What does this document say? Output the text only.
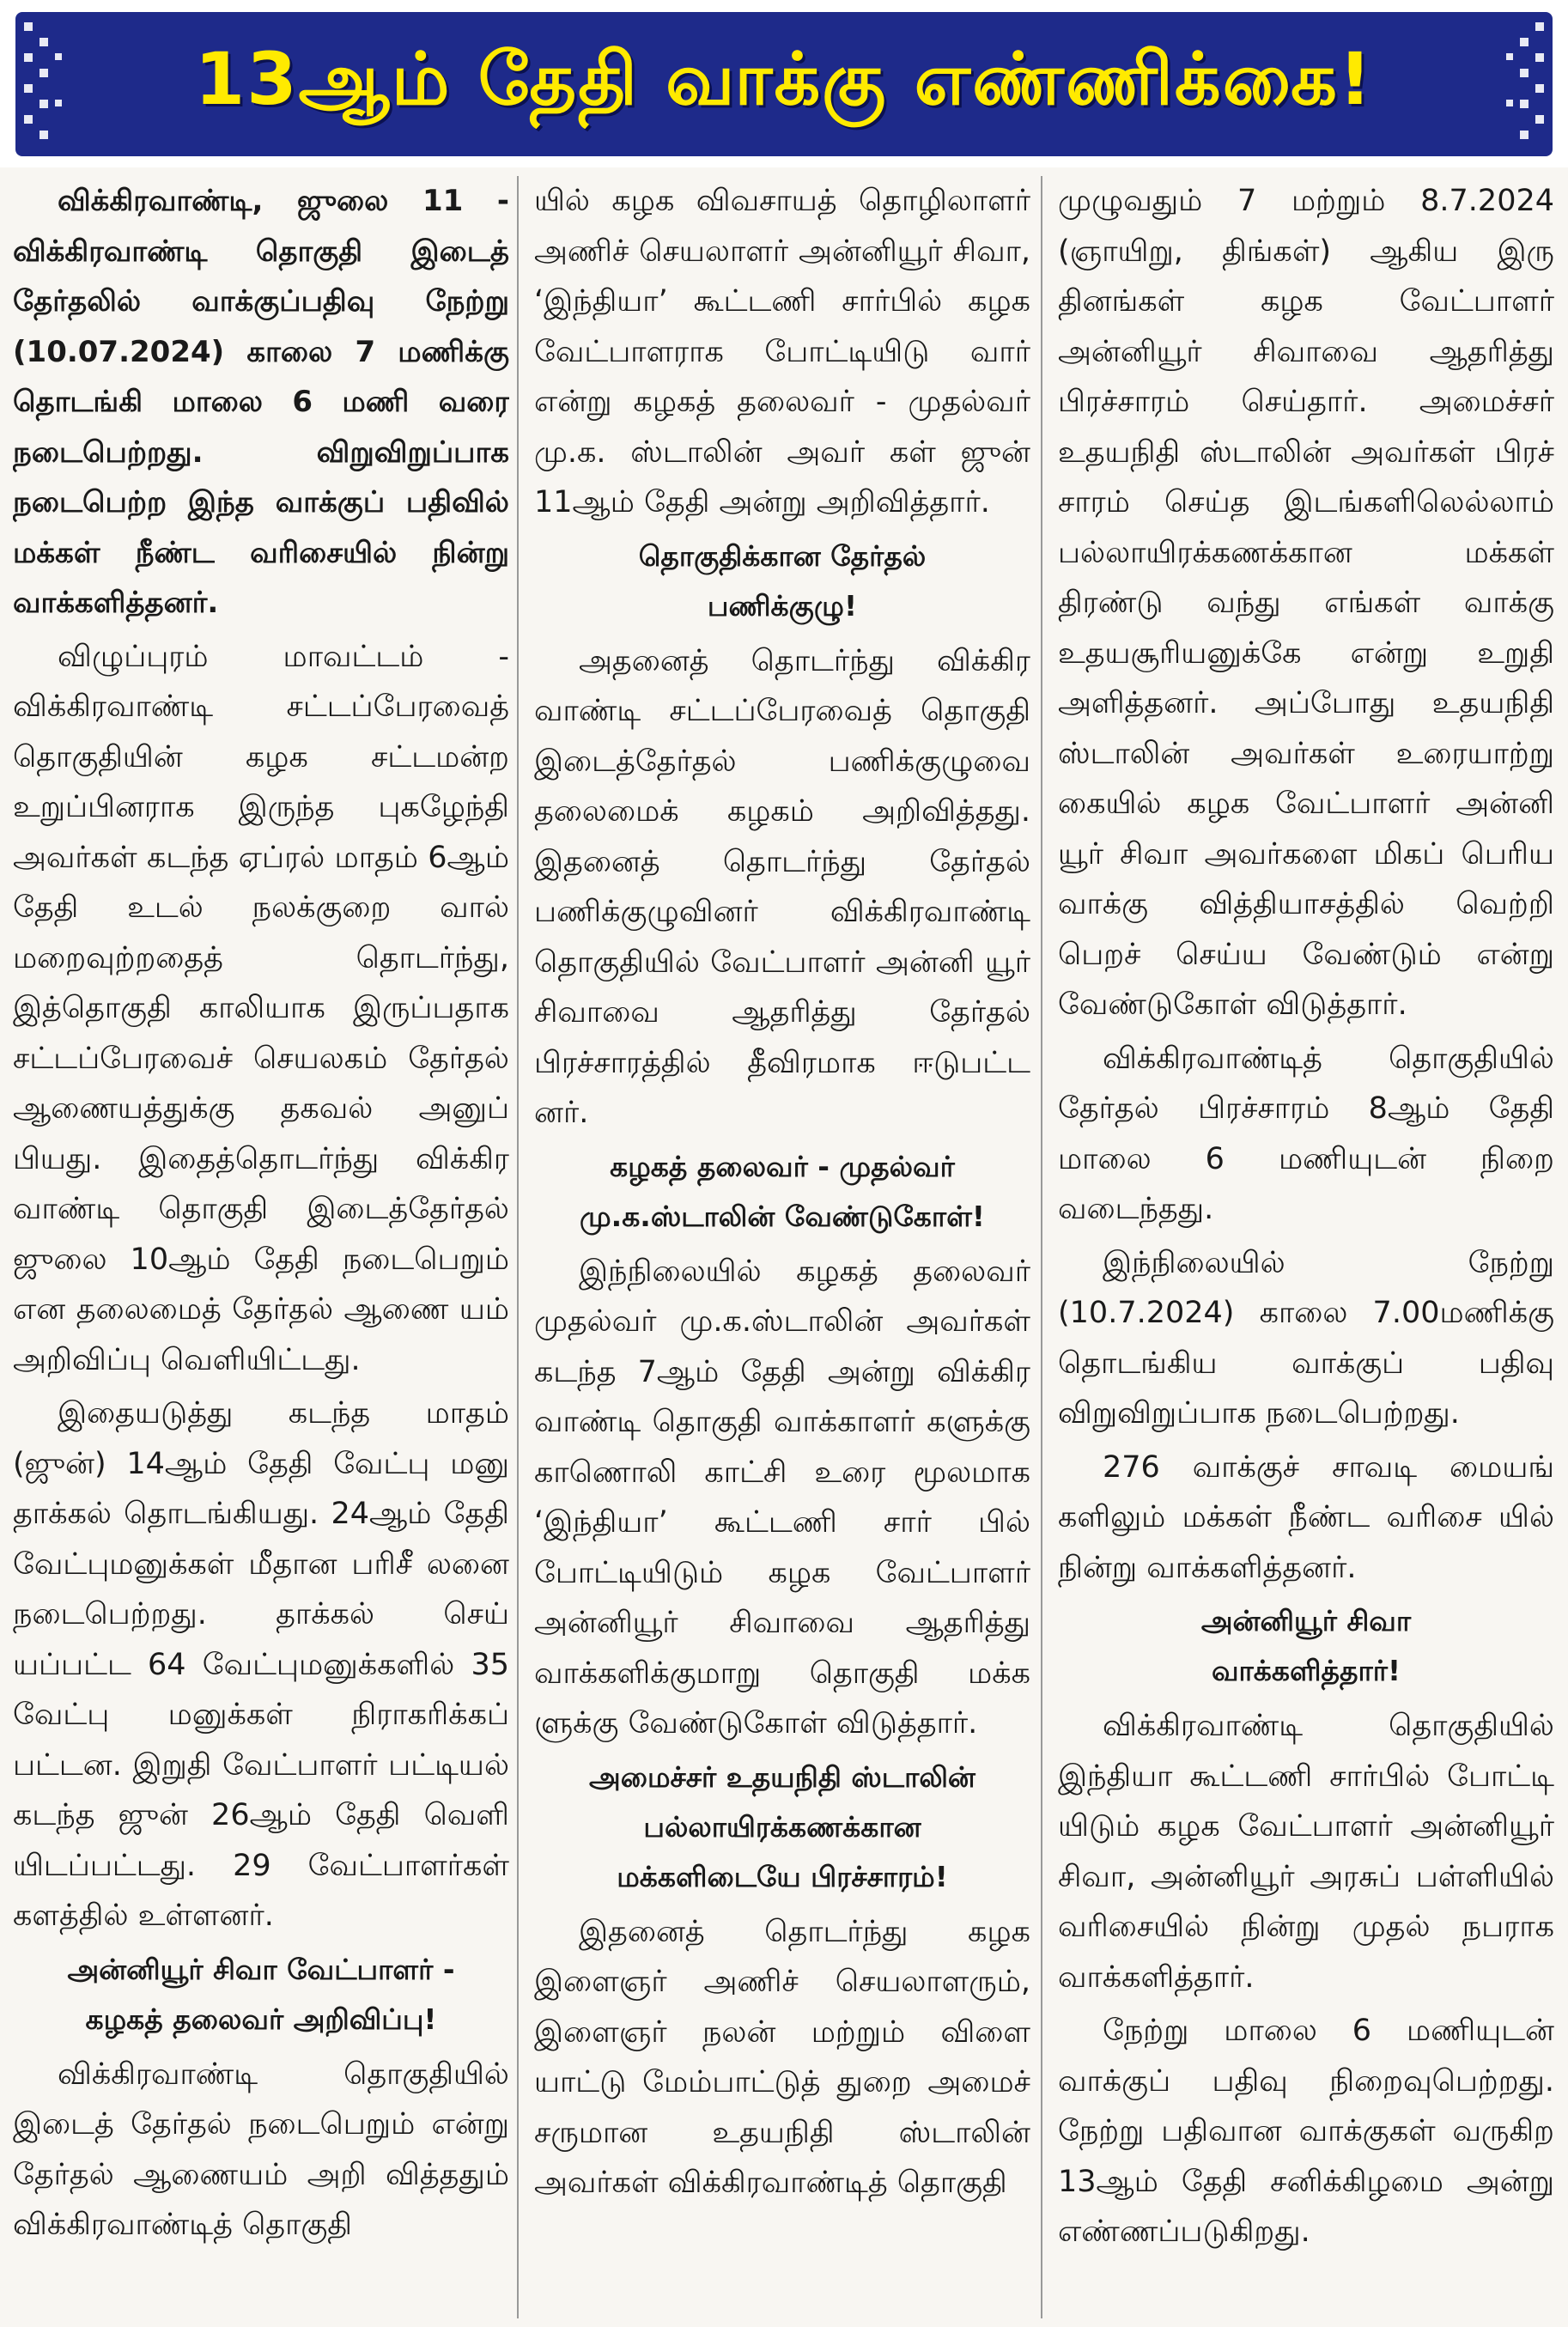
13ஆம் தேதி வாக்கு எண்ணிக்கை!

விக்கிரவாண்டி, ஜுலை 11 - விக்கிரவாண்டி தொகுதி இடைத் தேர்தலில் வாக்குப்பதிவு நேற்று (10.07.2024) காலை 7 மணிக்கு தொடங்கி மாலை 6 மணி வரை நடைபெற்றது. விறுவிறுப்பாக நடைபெற்ற இந்த வாக்குப் பதிவில் மக்கள் நீண்ட வரிசையில் நின்று வாக்களித்தனர்.

விழுப்புரம் மாவட்டம் - விக்கிரவாண்டி சட்டப்பேரவைத் தொகுதியின் கழக சட்டமன்ற உறுப்பினராக இருந்த புகழேந்தி அவர்கள் கடந்த ஏப்ரல் மாதம் 6ஆம் தேதி உடல் நலக்குறை வால் மறைவுற்றதைத் தொடர்ந்து, இத்தொகுதி காலியாக இருப்பதாக சட்டப்பேரவைச் செயலகம் தேர்தல் ஆணையத்துக்கு தகவல் அனுப் பியது. இதைத்தொடர்ந்து விக்கிர வாண்டி தொகுதி இடைத்தேர்தல் ஜுலை 10ஆம் தேதி நடைபெறும் என தலைமைத் தேர்தல் ஆணை யம் அறிவிப்பு வெளியிட்டது.

இதையடுத்து கடந்த மாதம் (ஜுன்) 14ஆம் தேதி வேட்பு மனு தாக்கல் தொடங்கியது. 24ஆம் தேதி வேட்புமனுக்கள் மீதான பரிசீ லனை நடைபெற்றது. தாக்கல் செய் யப்பட்ட 64 வேட்புமனுக்களில் 35 வேட்பு மனுக்கள் நிராகரிக்கப் பட்டன. இறுதி வேட்பாளர் பட்டியல் கடந்த ஜுன் 26ஆம் தேதி வெளி யிடப்பட்டது. 29 வேட்பாளர்கள் களத்தில் உள்ளனர்.

அன்னியூர் சிவா வேட்பாளர் -
கழகத் தலைவர் அறிவிப்பு!

விக்கிரவாண்டி தொகுதியில் இடைத் தேர்தல் நடைபெறும் என்று தேர்தல் ஆணையம் அறி வித்ததும் விக்கிரவாண்டித் தொகுதி

யில் கழக விவசாயத் தொழிலாளர் அணிச் செயலாளர் அன்னியூர் சிவா, ‘இந்தியா’ கூட்டணி சார்பில் கழக வேட்பாளராக போட்டியிடு வார் என்று கழகத் தலைவர் - முதல்வர் மு.க. ஸ்டாலின் அவர் கள் ஜுன் 11ஆம் தேதி அன்று அறிவித்தார்.

தொகுதிக்கான தேர்தல்
பணிக்குழு!

அதனைத் தொடர்ந்து விக்கிர வாண்டி சட்டப்பேரவைத் தொகுதி இடைத்தேர்தல் பணிக்குழுவை தலைமைக் கழகம் அறிவித்தது. இதனைத் தொடர்ந்து தேர்தல் பணிக்குழுவினர் விக்கிரவாண்டி தொகுதியில் வேட்பாளர் அன்னி யூர் சிவாவை ஆதரித்து தேர்தல் பிரச்சாரத்தில் தீவிரமாக ஈடுபட்ட னர்.

கழகத் தலைவர் - முதல்வர்
மு.க.ஸ்டாலின் வேண்டுகோள்!

இந்நிலையில் கழகத் தலைவர் முதல்வர் மு.க.ஸ்டாலின் அவர்கள் கடந்த 7ஆம் தேதி அன்று விக்கிர வாண்டி தொகுதி வாக்காளர் களுக்கு காணொலி காட்சி உரை மூலமாக ‘இந்தியா’ கூட்டணி சார் பில் போட்டியிடும் கழக வேட்பாளர் அன்னியூர் சிவாவை ஆதரித்து வாக்களிக்குமாறு தொகுதி மக்க ளுக்கு வேண்டுகோள் விடுத்தார்.

அமைச்சர் உதயநிதி ஸ்டாலின்
பல்லாயிரக்கணக்கான
மக்களிடையே பிரச்சாரம்!

இதனைத் தொடர்ந்து கழக இளைஞர் அணிச் செயலாளரும், இளைஞர் நலன் மற்றும் விளை யாட்டு மேம்பாட்டுத் துறை அமைச் சருமான உதயநிதி ஸ்டாலின் அவர்கள் விக்கிரவாண்டித் தொகுதி

முழுவதும் 7 மற்றும் 8.7.2024 (ஞாயிறு, திங்கள்) ஆகிய இரு தினங்கள் கழக வேட்பாளர் அன்னியூர் சிவாவை ஆதரித்து பிரச்சாரம் செய்தார். அமைச்சர் உதயநிதி ஸ்டாலின் அவர்கள் பிரச் சாரம் செய்த இடங்களிலெல்லாம் பல்லாயிரக்கணக்கான மக்கள் திரண்டு வந்து எங்கள் வாக்கு உதயசூரியனுக்கே என்று உறுதி அளித்தனர். அப்போது உதயநிதி ஸ்டாலின் அவர்கள் உரையாற்று கையில் கழக வேட்பாளர் அன்னி யூர் சிவா அவர்களை மிகப் பெரிய வாக்கு வித்தியாசத்தில் வெற்றி பெறச் செய்ய வேண்டும் என்று வேண்டுகோள் விடுத்தார்.

விக்கிரவாண்டித் தொகுதியில் தேர்தல் பிரச்சாரம் 8ஆம் தேதி மாலை 6 மணியுடன் நிறை வடைந்தது.

இந்நிலையில் நேற்று (10.7.2024) காலை 7.00மணிக்கு தொடங்கிய வாக்குப் பதிவு விறுவிறுப்பாக நடைபெற்றது.

276 வாக்குச் சாவடி மையங் களிலும் மக்கள் நீண்ட வரிசை யில் நின்று வாக்களித்தனர்.

அன்னியூர் சிவா
வாக்களித்தார்!

விக்கிரவாண்டி தொகுதியில் இந்தியா கூட்டணி சார்பில் போட்டி யிடும் கழக வேட்பாளர் அன்னியூர் சிவா, அன்னியூர் அரசுப் பள்ளியில் வரிசையில் நின்று முதல் நபராக வாக்களித்தார்.

நேற்று மாலை 6 மணியுடன் வாக்குப் பதிவு நிறைவுபெற்றது. நேற்று பதிவான வாக்குகள் வருகிற 13ஆம் தேதி சனிக்கிழமை அன்று எண்ணப்படுகிறது.
